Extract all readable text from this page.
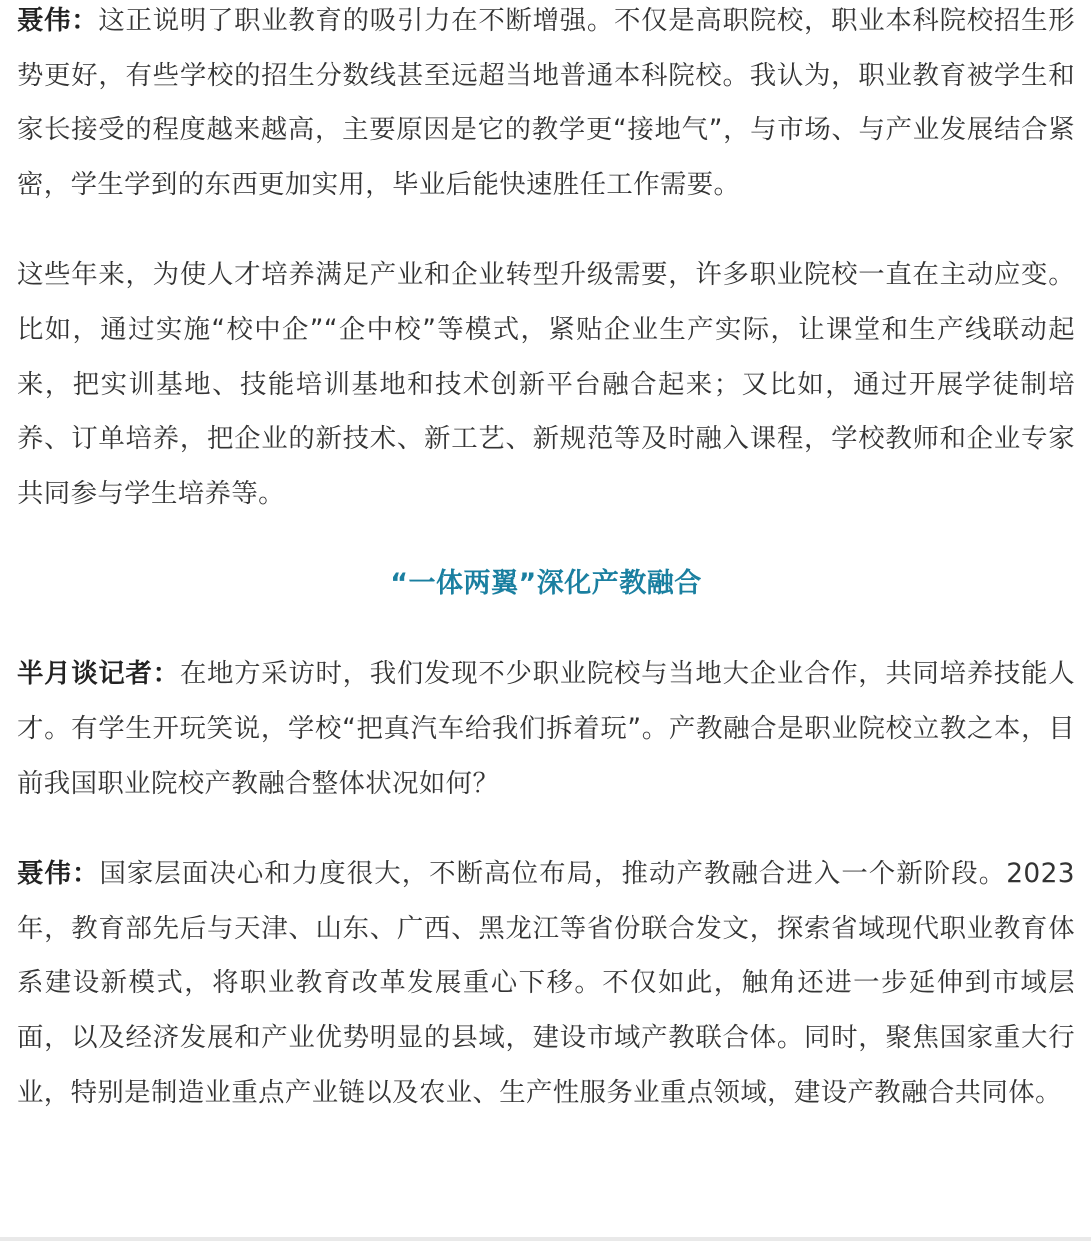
聂伟：这正说明了职业教育的吸引力在不断增强。不仅是高职院校，职业本科院校招生形势更好，有些学校的招生分数线甚至远超当地普通本科院校。我认为，职业教育被学生和家长接受的程度越来越高，主要原因是它的教学更“接地气”，与市场、与产业发展结合紧密，学生学到的东西更加实用，毕业后能快速胜任工作需要。

这些年来，为使人才培养满足产业和企业转型升级需要，许多职业院校一直在主动应变。比如，通过实施“校中企”“企中校”等模式，紧贴企业生产实际，让课堂和生产线联动起来，把实训基地、技能培训基地和技术创新平台融合起来；又比如，通过开展学徒制培养、订单培养，把企业的新技术、新工艺、新规范等及时融入课程，学校教师和企业专家共同参与学生培养等。

“一体两翼”深化产教融合

半月谈记者：在地方采访时，我们发现不少职业院校与当地大企业合作，共同培养技能人才。有学生开玩笑说，学校“把真汽车给我们拆着玩”。产教融合是职业院校立教之本，目前我国职业院校产教融合整体状况如何？

聂伟：国家层面决心和力度很大，不断高位布局，推动产教融合进入一个新阶段。2023年，教育部先后与天津、山东、广西、黑龙江等省份联合发文，探索省域现代职业教育体系建设新模式，将职业教育改革发展重心下移。不仅如此，触角还进一步延伸到市域层面，以及经济发展和产业优势明显的县域，建设市域产教联合体。同时，聚焦国家重大行业，特别是制造业重点产业链以及农业、生产性服务业重点领域，建设产教融合共同体。
